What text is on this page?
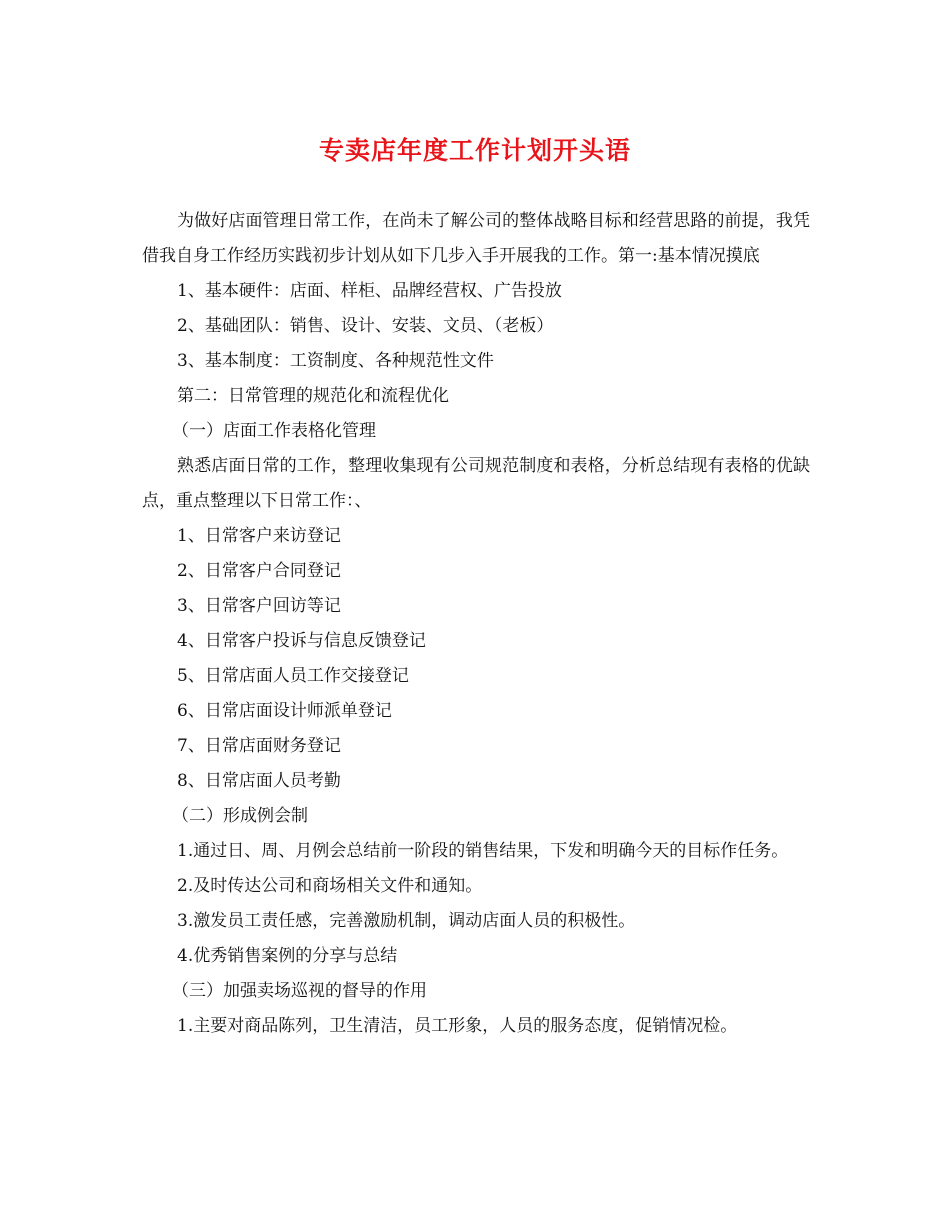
专卖店年度工作计划开头语

为做好店面管理日常工作，在尚未了解公司的整体战略目标和经营思路的前提，我凭借我自身工作经历实践初步计划从如下几步入手开展我的工作。第一:基本情况摸底

1、基本硬件：店面、样柜、品牌经营权、广告投放

2、基础团队：销售、设计、安装、文员、（老板）

3、基本制度：工资制度、各种规范性文件

第二：日常管理的规范化和流程优化

（一）店面工作表格化管理

熟悉店面日常的工作，整理收集现有公司规范制度和表格，分析总结现有表格的优缺点，重点整理以下日常工作：、

1、日常客户来访登记

2、日常客户合同登记

3、日常客户回访等记

4、日常客户投诉与信息反馈登记

5、日常店面人员工作交接登记

6、日常店面设计师派单登记

7、日常店面财务登记

8、日常店面人员考勤

（二）形成例会制

1.通过日、周、月例会总结前一阶段的销售结果，下发和明确今天的目标作任务。

2.及时传达公司和商场相关文件和通知。

3.激发员工责任感，完善激励机制，调动店面人员的积极性。

4.优秀销售案例的分享与总结

（三）加强卖场巡视的督导的作用

1.主要对商品陈列，卫生清洁，员工形象，人员的服务态度，促销情况检。
